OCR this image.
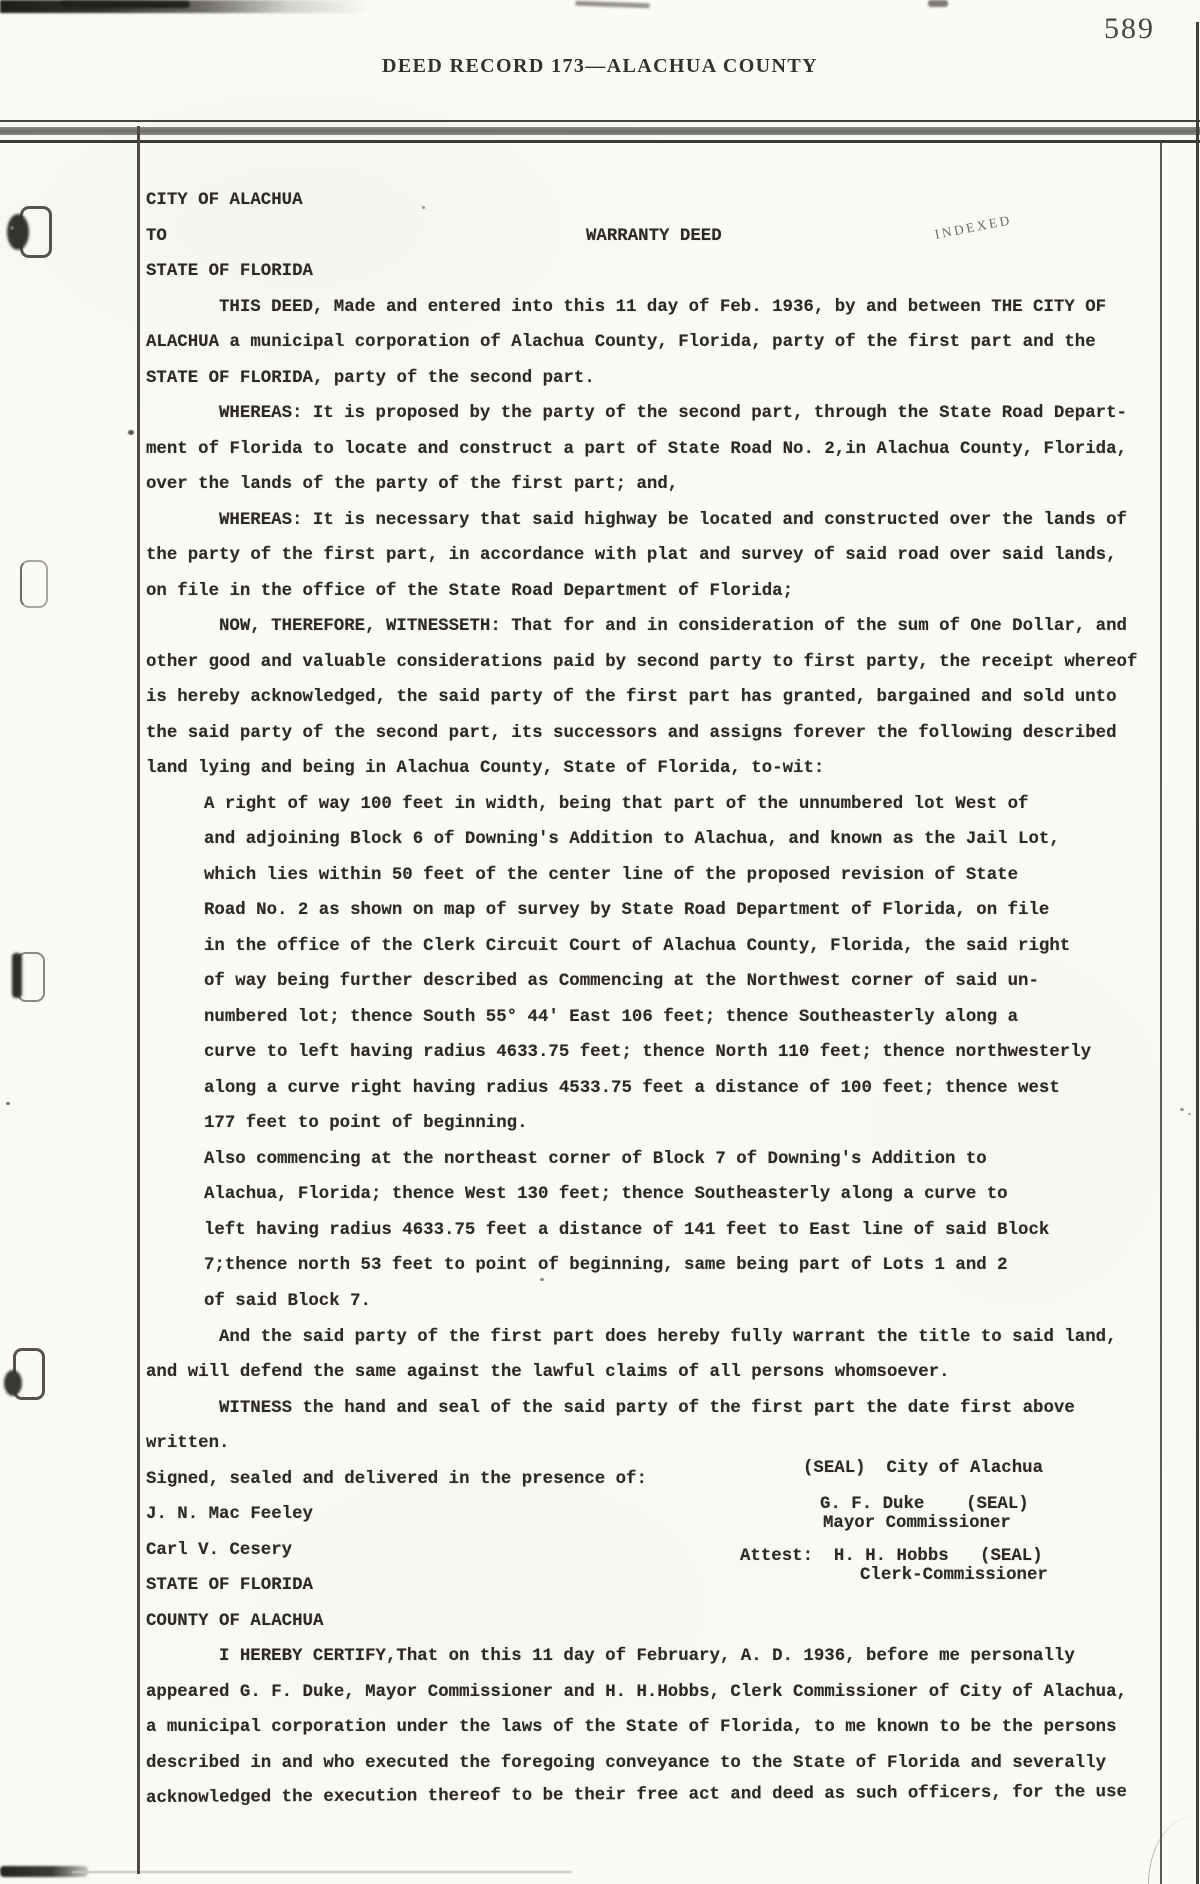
589
DEED RECORD 173—ALACHUA COUNTY
CITY OF ALACHUA
TO	WARRANTY DEED	INDEXED
STATE OF FLORIDA
THIS DEED, Made and entered into this 11 day of Feb. 1936, by and between THE CITY OF
ALACHUA a municipal corporation of Alachua County, Florida, party of the first part and the
STATE OF FLORIDA, party of the second part.
WHEREAS: It is proposed by the party of the second part, through the State Road Depart-
ment of Florida to locate and construct a part of State Road No. 2,in Alachua County, Florida,
over the lands of the party of the first part; and,
WHEREAS: It is necessary that said highway be located and constructed over the lands of
the party of the first part, in accordance with plat and survey of said road over said lands,
on file in the office of the State Road Department of Florida;
NOW, THEREFORE, WITNESSETH: That for and in consideration of the sum of One Dollar, and
other good and valuable considerations paid by second party to first party, the receipt whereof
is hereby acknowledged, the said party of the first part has granted, bargained and sold unto
the said party of the second part, its successors and assigns forever the following described
land lying and being in Alachua County, State of Florida, to-wit:
A right of way 100 feet in width, being that part of the unnumbered lot West of
and adjoining Block 6 of Downing's Addition to Alachua, and known as the Jail Lot,
which lies within 50 feet of the center line of the proposed revision of State
Road No. 2 as shown on map of survey by State Road Department of Florida, on file
in the office of the Clerk Circuit Court of Alachua County, Florida, the said right
of way being further described as Commencing at the Northwest corner of said un-
numbered lot; thence South 55° 44' East 106 feet; thence Southeasterly along a
curve to left having radius 4633.75 feet; thence North 110 feet; thence northwesterly
along a curve right having radius 4533.75 feet a distance of 100 feet; thence west
177 feet to point of beginning.
Also commencing at the northeast corner of Block 7 of Downing's Addition to
Alachua, Florida; thence West 130 feet; thence Southeasterly along a curve to
left having radius 4633.75 feet a distance of 141 feet to East line of said Block
7;thence north 53 feet to point of beginning, same being part of Lots 1 and 2
of said Block 7.
And the said party of the first part does hereby fully warrant the title to said land,
and will defend the same against the lawful claims of all persons whomsoever.
WITNESS the hand and seal of the said party of the first part the date first above
written.
Signed, sealed and delivered in the presence of:
J. N. Mac Feeley
Carl V. Cesery
STATE OF FLORIDA
COUNTY OF ALACHUA
I HEREBY CERTIFY,That on this 11 day of February, A. D. 1936, before me personally
appeared G. F. Duke, Mayor Commissioner and H. H.Hobbs, Clerk Commissioner of City of Alachua,
a municipal corporation under the laws of the State of Florida, to me known to be the persons
described in and who executed the foregoing conveyance to the State of Florida and severally
acknowledged the execution thereof to be their free act and deed as such officers, for the use
(SEAL)  City of Alachua
G. F. Duke    (SEAL)
Mayor Commissioner
Attest:  H. H. Hobbs   (SEAL)
Clerk-Commissioner
